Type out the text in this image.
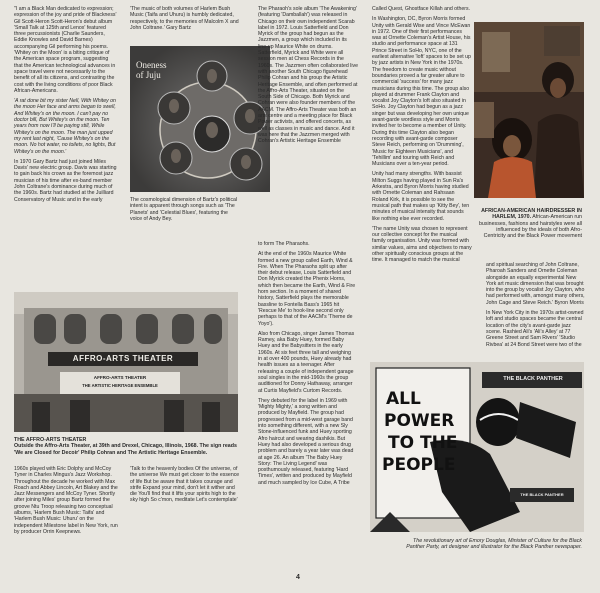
"I am a Black Man dedicated to expression; expression of the joy and pride of Blackness' Gil Scott-Heron Scott-Heron's debut album 'Small Talk at 125th and Lenox' featured three percussionists (Charlie Saunders, Eddie Knowles and David Barnes) accompanying Gil performing his poems. 'Whitey on the Moon' is a biting critique of the American space program, suggesting that the American technological advances in space travel were not necessarily to the benefit of all its citizens, and contrasting the cost with the living conditions of poor Black African-Americans.

'A rat done bit my sister Nell, With Whitey on the moon Her face and arms began to swell, And Whitey's on the moon. I can't pay no doctor bill, But Whitey's on the moon. Ten years from now I'll be paying still, While Whitey's on the moon. The man just upped my rent last night, 'Cause Whitey's on the moon. No hot water, no toilets, no lights, But Whitey's on the moon.'

In 1970 Gary Bartz had just joined Miles Davis' new electric group. Davis was starting to gain back his crown as the foremost jazz musician of his time after ex-band member John Coltrane's dominance during much of the 1960s. Bartz had studied at the Juilliard Conservatory of Music and in the early

'The music of both volumes of Harlem Bush Music (Taifa and Uhuru) is humbly dedicated, respectively, to the memories of Malcolm X and John Coltrane.' Gary Bartz

Oneness of Juju

The cosmological dimension of Bartz's political intent is apparent through songs such as 'The Planets' and 'Celestial Blues', featuring the voice of Andy Bey.

The Pharaoh's sole album 'The Awakening' (featuring 'Damballah') was released in Chicago on their own independent Scarab label in 1972. Louis Satterfield and Don Myrick of the group had begun as the Jazzmen, a group which included in its line-up Maurice White on drums. Satterfield, Myrick and White were all session men at Chess Records in the 1960s. The Jazzmen often collaborated live with another South Chicago figurehead Philip Cohran and his group the Artistic Heritage Ensemble, and often performed at the Affro-Arts Theater, situated on the South Side of Chicago. Both Myrick and Cohran were also founder members of the AACM. The Affro-Arts Theater was both an arts centre and a meeting place for Black Power activists, and offered concerts, as well as classes in music and dance. And it was here that the Jazzmen merged with Cohran's Artistic Heritage Ensemble

to form The Pharaohs.

At the end of the 1960s Maurice White formed a new group called Earth, Wind & Fire. When The Pharaohs split up after their debut release, Louis Satterfield and Don Myrick created the Phenix Horns, which then became the Earth, Wind & Fire horn section. In a moment of shared history, Satterfield plays the memorable bassline to Fontella Bass's 1965 hit 'Rescue Me' to hook-line second only perhaps to that of the AACM's 'Theme de Yoyo').

Also from Chicago, singer James Thomas Ramey, aka Baby Huey, formed Baby Huey and the Babysitters in the early 1960s. At six feet three tall and weighing in at over 400 pounds, Huey already had health issues as a teenager. After releasing a couple of independent garage soul singles in the mid-1960s the group auditioned for Donny Hathaway, arranger at Curtis Mayfield's Curtom Records.

They debuted for the label in 1969 with 'Mighty Mighty,' a song written and produced by Mayfield. The group had progressed from a mid-west garage band into something different, with a new Sly Stone-influenced funk and Huey sporting Afro haircut and wearing dashikis. But Huey had also developed a serious drug problem and barely a year later was dead at age 26. An album 'The Baby Huey Story: The Living Legend' was posthumously released, featuring 'Hard Times', written and produced by Mayfield and much sampled by Ice Cube, A Tribe

Called Quest, Ghostface Killah and others.

In Washington, DC, Byron Morris formed Unity with Gerald Wise and Vince McEwan in 1972. One of their first performances was at Ornette Coleman's Artist House, his studio and performance space at 131 Prince Street in SoHo, NYC, one of the earliest alternative 'loft' spaces to be set up by jazz artists in New York in the 1970s. The freedom to create music without boundaries proved a far greater allure to commercial 'success' for many jazz musicians during this time. The group also played at drummer Frank Clayton and vocalist Joy Clayton's loft also situated in SoHo. Joy Clayton had begun as a jazz singer but was developing her own unique avant-garde wordless style and Morris invited her to become a member of Unity. During this time Clayton also began recording with avant-garde composer Steve Reich, performing on 'Drumming', 'Music for Eighteen Musicians', and 'Tehillim' and touring with Reich and Musicians over a ten-year period.

Unity had many strengths. With bassist Milton Suggs having played in Sun Ra's Arkestra, and Byron Morris having studied with Ornette Coleman and Rahsaan Roland Kirk, it is possible to see the musical path that makes up 'Kitty Bey', ten minutes of musical intensity that sounds like nothing else ever recorded.

'The name Unity was chosen to represent our collective concept for the musical family organisation. Unity was formed with similar values, aims and objectives to many other spiritually conscious groups at the time. It managed to match the musical

AFRICAN-AMERICAN HAIRDRESSER IN HARLEM, 1970. African-American run businesses, fashions and hairstyles were all influenced by the ideals of both Afro-Centricity and the Black Power movement

and spiritual searching of John Coltrane, Pharoah Sanders and Ornette Coleman alongside an equally experimental New York art music dimension that was brought into the group by vocalist Joy Clayton, who had performed with, amongst many others, John Cage and Steve Reich.' Byron Morris

In New York City in the 1970s artist-owned loft and studio spaces became the central location of the city's avant-garde jazz scene. Rashied Ali's 'Ali's Alley' at 77 Greene Street and Sam Rivers' 'Studio Rivbea' at 24 Bond Street were two of the

AFFRO-ARTS THEATER
AFFRO-ARTS THEATER
THE ARTISTIC HERITAGE ENSEMBLE
THE AFFRO-ARTS THEATER
Outside the Affro-Arts Theater, at 39th and Drexel, Chicago, Illinois, 1968. The sign reads 'We are Closed for Decoir' Philip Cohran and The Artistic Heritage Ensemble.

1960s played with Eric Dolphy and McCoy Tyner in Charles Mingus's Jazz Workshop. Throughout the decade he worked with Max Roach and Abbey Lincoln, Art Blakey and the Jazz Messengers and McCoy Tyner. Shortly after joining Miles' group Bartz formed the groove Ntu Troop releasing two conceptual albums, 'Harlem Bush Music: Taifa' and 'Harlem Bush Music: Uhuru' on the independent Milestone label in New York, run by producer Orrin Keepnews.

'Talk to the heavenly bodies Of the universe, of the universe We must get closer to the essence of life But be aware that it takes courage and strife Expand your mind, don't let it wither and die You'll find that it lifts your spirits high to the sky high So c'mon, meditate Let's contemplate'

ALL
POWER
TO THE
PEOPLE
THE BLACK PANTHER
THE BLACK PANTHER
The revolutionary art of Emory Douglas, Minister of Culture for the Black Panther Party, art designer and illustrator for the Black Panther newspaper.
4
